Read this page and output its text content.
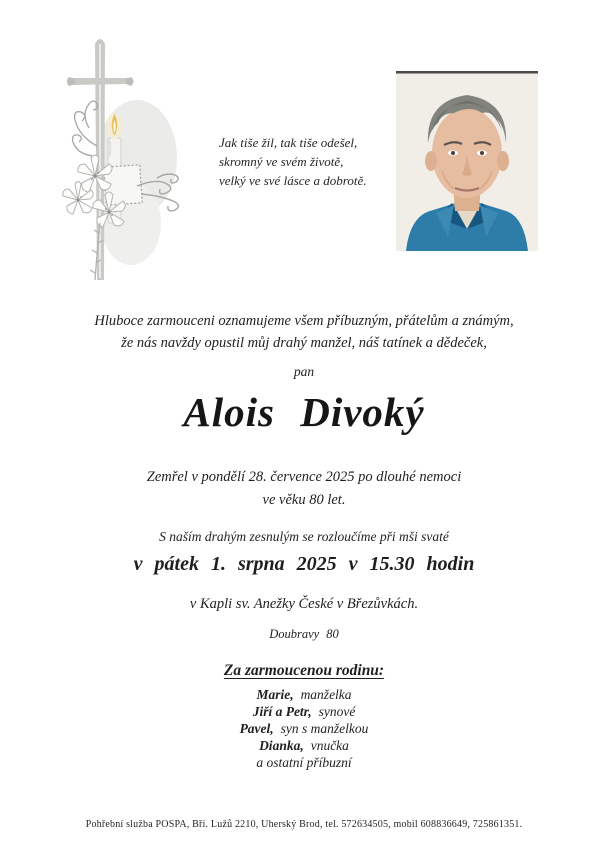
Jak tiše žil, tak tiše odešel,
skromný ve svém životě,
velký ve své lásce a dobrotě.
Hluboce zarmouceni oznamujeme všem příbuzným, přátelům a známým,
že nás navždy opustil můj drahý manžel, náš tatínek a dědeček,
pan
Alois Divoký
Zemřel v pondělí 28. července 2025 po dlouhé nemoci
ve věku 80 let.
S naším drahým zesnulým se rozloučíme při mši svaté
v pátek 1. srpna 2025 v 15.30 hodin
v Kapli sv. Anežky České v Březůvkách.
Doubravy 80
Za zarmoucenou rodinu:
Marie, manželka
Jiří a Petr, synové
Pavel, syn s manželkou
Dianka, vnučka
a ostatní příbuzní
Pohřební služba POSPA, Bří. Lužů 2210, Uherský Brod, tel. 572634505, mobil 608836649, 725861351.
